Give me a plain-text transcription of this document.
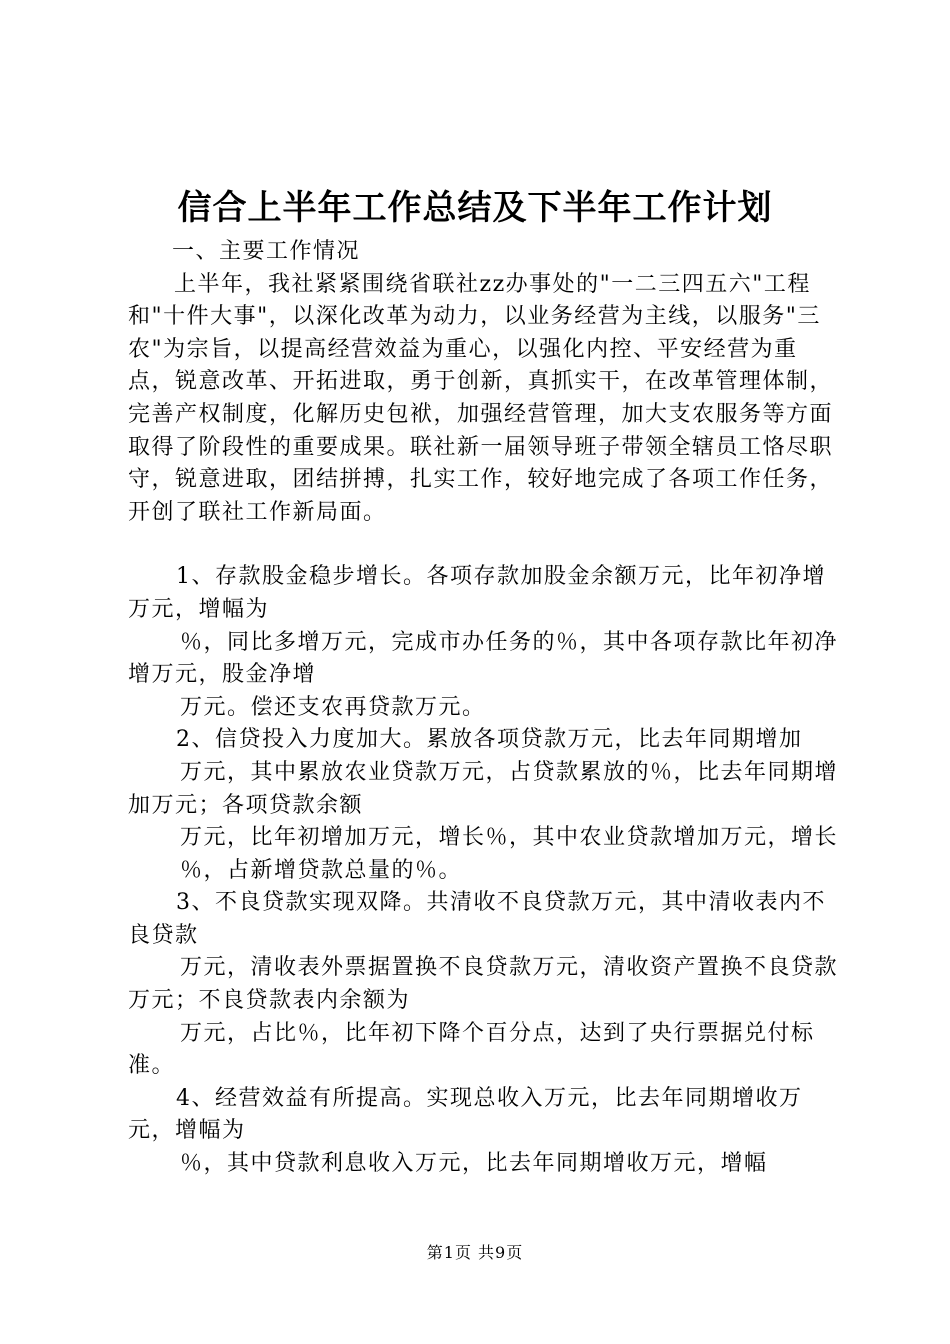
信合上半年工作总结及下半年工作计划

一、主要工作情况

上半年，我社紧紧围绕省联社zz办事处的"一二三四五六"工程和"十件大事"，以深化改革为动力，以业务经营为主线，以服务"三农"为宗旨，以提高经营效益为重心，以强化内控、平安经营为重点，锐意改革、开拓进取，勇于创新，真抓实干，在改革管理体制，完善产权制度，化解历史包袱，加强经营管理，加大支农服务等方面取得了阶段性的重要成果。联社新一届领导班子带领全辖员工恪尽职守，锐意进取，团结拼搏，扎实工作，较好地完成了各项工作任务，开创了联社工作新局面。

1、存款股金稳步增长。各项存款加股金余额万元，比年初净增万元，增幅为

％，同比多增万元，完成市办任务的％，其中各项存款比年初净增万元，股金净增

万元。偿还支农再贷款万元。

2、信贷投入力度加大。累放各项贷款万元，比去年同期增加

万元，其中累放农业贷款万元，占贷款累放的％，比去年同期增加万元；各项贷款余额

万元，比年初增加万元，增长％，其中农业贷款增加万元，增长

％，占新增贷款总量的％。

3、不良贷款实现双降。共清收不良贷款万元，其中清收表内不良贷款

万元，清收表外票据置换不良贷款万元，清收资产置换不良贷款万元；不良贷款表内余额为

万元，占比％，比年初下降个百分点，达到了央行票据兑付标准。

4、经营效益有所提高。实现总收入万元，比去年同期增收万元，增幅为

％，其中贷款利息收入万元，比去年同期增收万元，增幅

第1页 共9页
